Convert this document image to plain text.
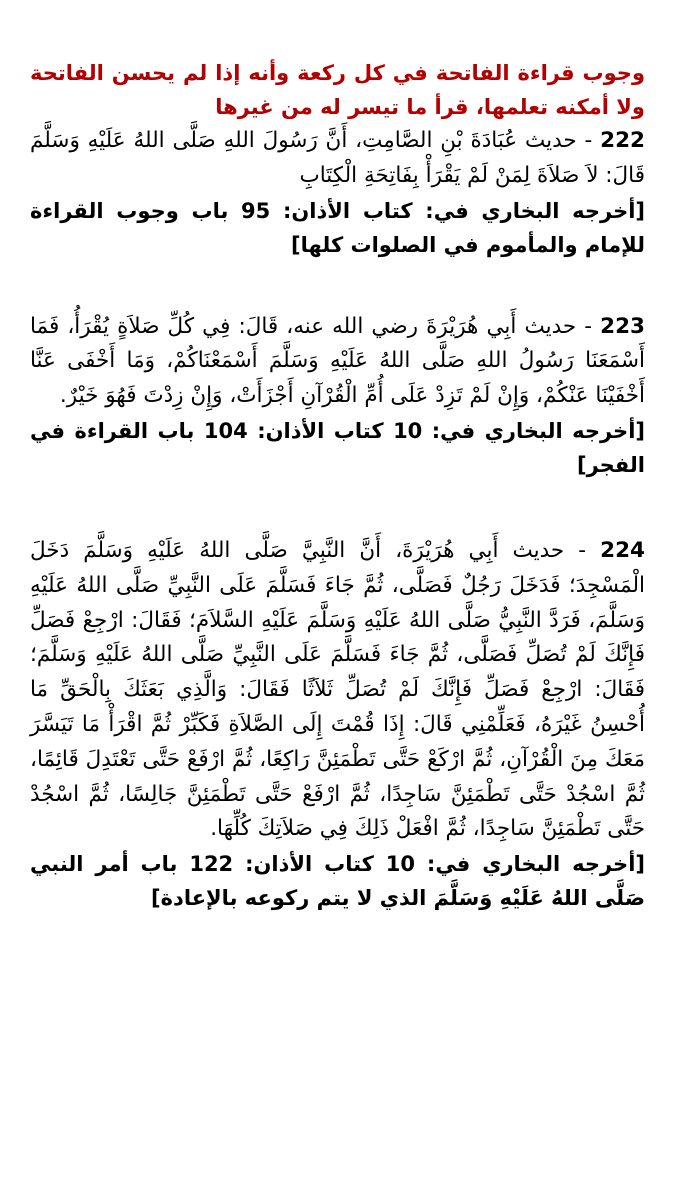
وجوب قراءة الفاتحة في كل ركعة وأنه إذا لم يحسن الفاتحة ولا أمكنه تعلمها، قرأ ما تيسر له من غيرها

222 - حديث عُبَادَةَ بْنِ الصَّامِتِ، أَنَّ رَسُولَ اللهِ صَلَّى اللهُ عَلَيْهِ وَسَلَّمَ قَالَ: لاَ صَلاَةَ لِمَنْ لَمْ يَقْرَأْ بِفَاتِحَةِ الْكِتَابِ

[أخرجه البخاري في: كتاب الأذان: 95 باب وجوب القراءة للإمام والمأموم في الصلوات كلها]

223 - حديث أَبِي هُرَيْرَةَ رضي الله عنه، قَالَ: فِي كُلِّ صَلاَةٍ يُقْرَأُ، فَمَا أَسْمَعَنَا رَسُولُ اللهِ صَلَّى اللهُ عَلَيْهِ وَسَلَّمَ أَسْمَعْنَاكُمْ، وَمَا أَخْفَى عَنَّا أَخْفَيْنَا عَنْكُمْ، وَإِنْ لَمْ تَزِدْ عَلَى أُمِّ الْقُرْآنِ أَجْزَأَتْ، وَإِنْ زِدْتَ فَهُوَ خَيْرٌ.

[أخرجه البخاري في: 10 كتاب الأذان: 104 باب القراءة في الفجر]

224 - حديث أَبِي هُرَيْرَةَ، أَنَّ النَّبِيَّ صَلَّى اللهُ عَلَيْهِ وَسَلَّمَ دَخَلَ الْمَسْجِدَ؛ فَدَخَلَ رَجُلٌ فَصَلَّى، ثُمَّ جَاءَ فَسَلَّمَ عَلَى النَّبِيِّ صَلَّى اللهُ عَلَيْهِ وَسَلَّمَ، فَرَدَّ النَّبِيُّ صَلَّى اللهُ عَلَيْهِ وَسَلَّمَ عَلَيْهِ السَّلاَمَ؛ فَقَالَ: ارْجِعْ فَصَلِّ فَإِنَّكَ لَمْ تُصَلِّ فَصَلَّى، ثُمَّ جَاءَ فَسَلَّمَ عَلَى النَّبِيِّ صَلَّى اللهُ عَلَيْهِ وَسَلَّمَ؛ فَقَالَ: ارْجِعْ فَصَلِّ فَإِنَّكَ لَمْ تُصَلِّ ثَلاَثًا فَقَالَ: وَالَّذِي بَعَثَكَ بِالْحَقِّ مَا أُحْسِنُ غَيْرَهُ، فَعَلِّمْنِي قَالَ: إِذَا قُمْتَ إِلَى الصَّلاَةِ فَكَبِّرْ ثُمَّ اقْرَأْ مَا تَيَسَّرَ مَعَكَ مِنَ الْقُرْآنِ، ثُمَّ ارْكَعْ حَتَّى تَطْمَئِنَّ رَاكِعًا، ثُمَّ ارْفَعْ حَتَّى تَعْتَدِلَ قَائِمًا، ثُمَّ اسْجُدْ حَتَّى تَطْمَئِنَّ سَاجِدًا، ثُمَّ ارْفَعْ حَتَّى تَطْمَئِنَّ جَالِسًا، ثُمَّ اسْجُدْ حَتَّى تَطْمَئِنَّ سَاجِدًا، ثُمَّ افْعَلْ ذَلِكَ فِي صَلاَتِكَ كُلِّهَا.

[أخرجه البخاري في: 10 كتاب الأذان: 122 باب أمر النبي صَلَّى اللهُ عَلَيْهِ وَسَلَّمَ الذي لا يتم ركوعه بالإعادة]
